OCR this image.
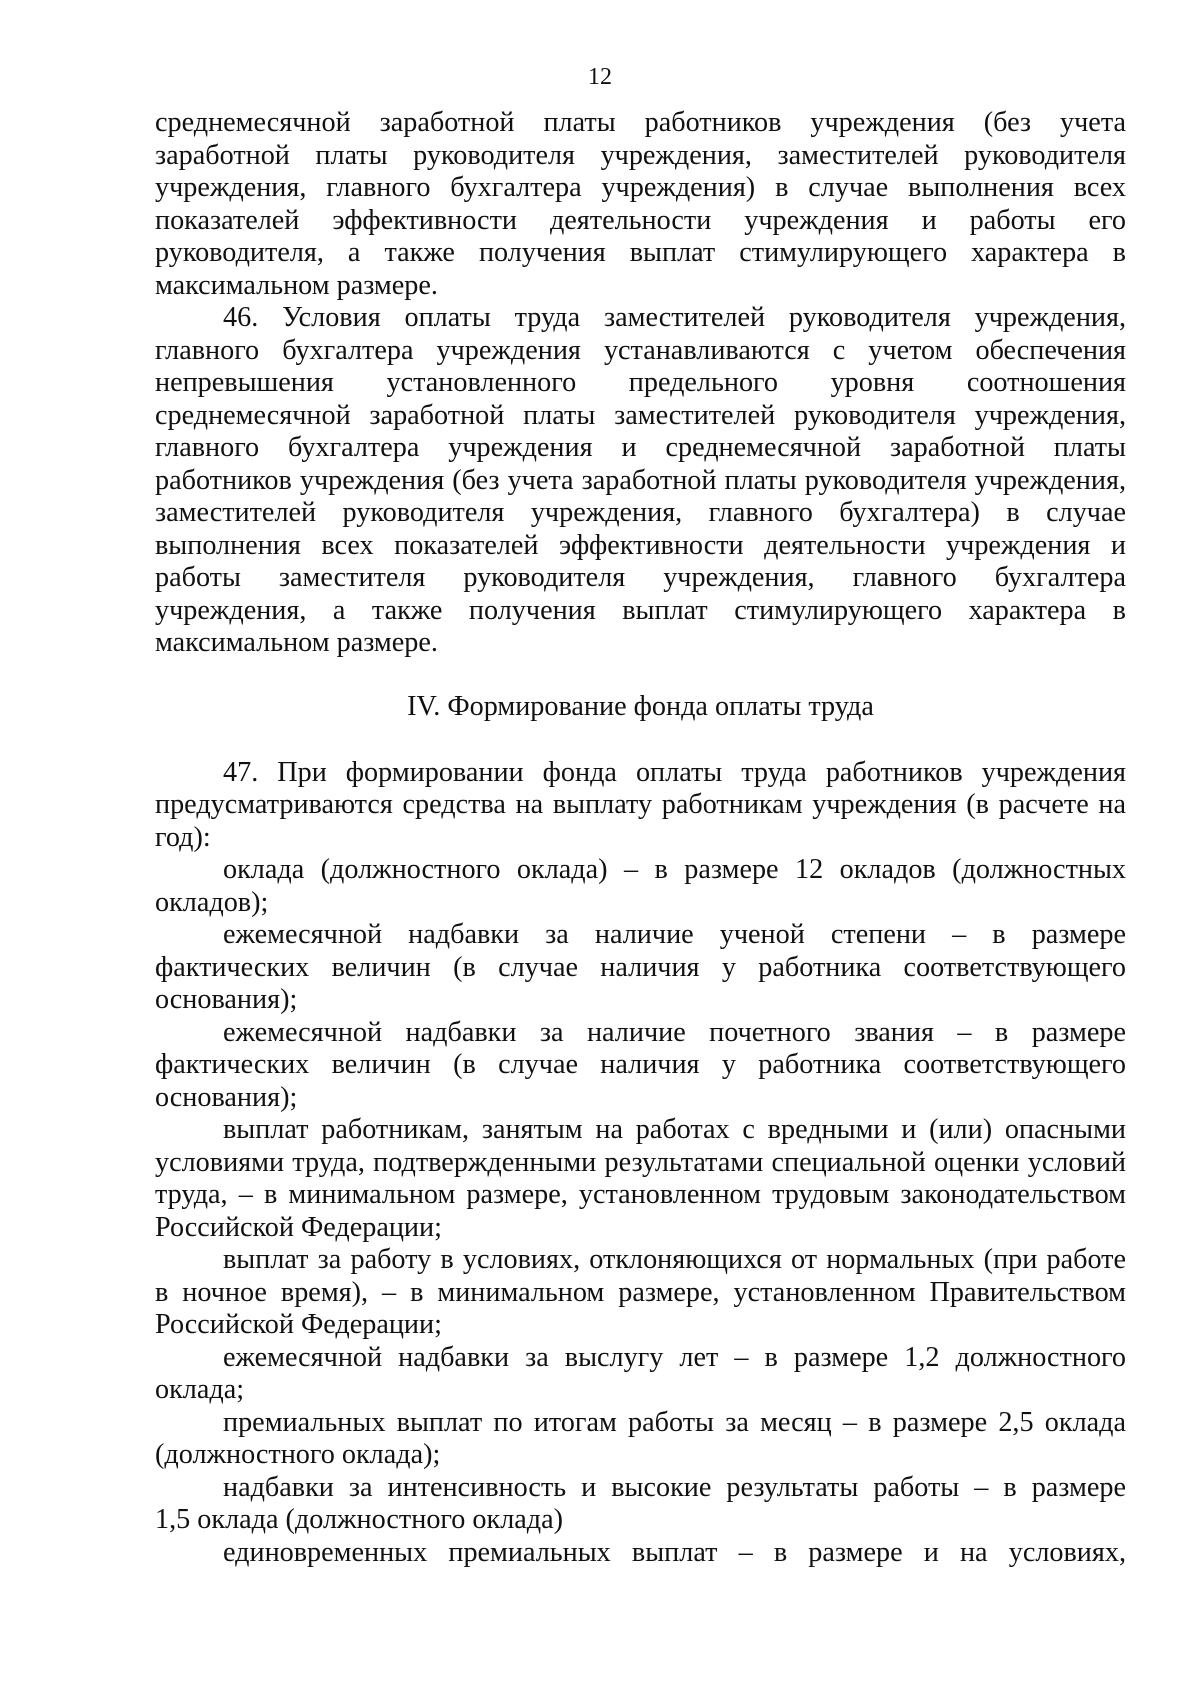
12
среднемесячной заработной платы работников учреждения (без учета
заработной платы руководителя учреждения, заместителей руководителя
учреждения, главного бухгалтера учреждения) в случае выполнения всех
показателей эффективности деятельности учреждения и работы его
руководителя, а также получения выплат стимулирующего характера в
максимальном размере.
46. Условия оплаты труда заместителей руководителя учреждения,
главного бухгалтера учреждения устанавливаются с учетом обеспечения
непревышения установленного предельного уровня соотношения
среднемесячной заработной платы заместителей руководителя учреждения,
главного бухгалтера учреждения и среднемесячной заработной платы
работников учреждения (без учета заработной платы руководителя учреждения,
заместителей руководителя учреждения, главного бухгалтера) в случае
выполнения всех показателей эффективности деятельности учреждения и
работы заместителя руководителя учреждения, главного бухгалтера
учреждения, а также получения выплат стимулирующего характера в
максимальном размере.
IV. Формирование фонда оплаты труда
47. При формировании фонда оплаты труда работников учреждения
предусматриваются средства на выплату работникам учреждения (в расчете на
год):
оклада (должностного оклада) – в размере 12 окладов (должностных
окладов);
ежемесячной надбавки за наличие ученой степени – в размере
фактических величин (в случае наличия у работника соответствующего
основания);
ежемесячной надбавки за наличие почетного звания – в размере
фактических величин (в случае наличия у работника соответствующего
основания);
выплат работникам, занятым на работах с вредными и (или) опасными
условиями труда, подтвержденными результатами специальной оценки условий
труда, – в минимальном размере, установленном трудовым законодательством
Российской Федерации;
выплат за работу в условиях, отклоняющихся от нормальных (при работе
в ночное время), – в минимальном размере, установленном Правительством
Российской Федерации;
ежемесячной надбавки за выслугу лет – в размере 1,2 должностного
оклада;
премиальных выплат по итогам работы за месяц – в размере 2,5 оклада
(должностного оклада);
надбавки за интенсивность и высокие результаты работы – в размере
1,5 оклада (должностного оклада)
единовременных премиальных выплат – в размере и на условиях,
